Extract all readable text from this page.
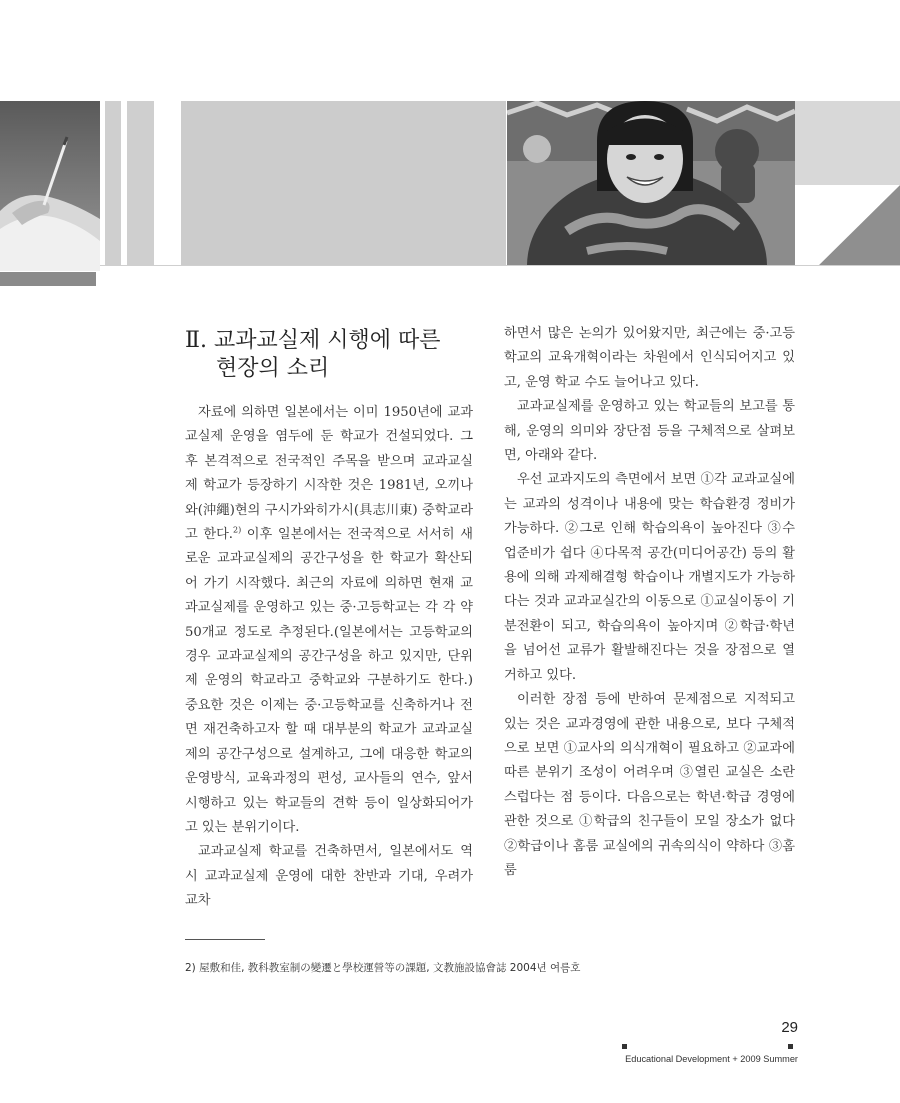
Ⅱ. 교과교실제 시행에 따른
현장의 소리

자료에 의하면 일본에서는 이미 1950년에 교과교실제 운영을 염두에 둔 학교가 건설되었다. 그 후 본격적으로 전국적인 주목을 받으며 교과교실제 학교가 등장하기 시작한 것은 1981년, 오끼나와(沖繩)현의 구시가와히가시(具志川東) 중학교라고 한다.$^{2)}$ 이후 일본에서는 전국적으로 서서히 새로운 교과교실제의 공간구성을 한 학교가 확산되어 가기 시작했다. 최근의 자료에 의하면 현재 교과교실제를 운영하고 있는 중·고등학교는 각 각 약 50개교 정도로 추정된다.(일본에서는 고등학교의 경우 교과교실제의 공간구성을 하고 있지만, 단위제 운영의 학교라고 중학교와 구분하기도 한다.) 중요한 것은 이제는 중·고등학교를 신축하거나 전면 재건축하고자 할 때 대부분의 학교가 교과교실제의 공간구성으로 설계하고, 그에 대응한 학교의 운영방식, 교육과정의 편성, 교사들의 연수, 앞서 시행하고 있는 학교들의 견학 등이 일상화되어가고 있는 분위기이다.

교과교실제 학교를 건축하면서, 일본에서도 역시 교과교실제 운영에 대한 찬반과 기대, 우려가 교차

하면서 많은 논의가 있어왔지만, 최근에는 중·고등학교의 교육개혁이라는 차원에서 인식되어지고 있고, 운영 학교 수도 늘어나고 있다.

교과교실제를 운영하고 있는 학교들의 보고를 통해, 운영의 의미와 장단점 등을 구체적으로 살펴보면, 아래와 같다.

우선 교과지도의 측면에서 보면 ①각 교과교실에는 교과의 성격이나 내용에 맞는 학습환경 정비가 가능하다. ②그로 인해 학습의욕이 높아진다 ③수업준비가 쉽다 ④다목적 공간(미디어공간) 등의 활용에 의해 과제해결형 학습이나 개별지도가 가능하다는 것과 교과교실간의 이동으로 ①교실이동이 기분전환이 되고, 학습의욕이 높아지며 ②학급·학년을 넘어선 교류가 활발해진다는 것을 장점으로 열거하고 있다.

이러한 장점 등에 반하여 문제점으로 지적되고 있는 것은 교과경영에 관한 내용으로, 보다 구체적으로 보면 ①교사의 의식개혁이 필요하고 ②교과에 따른 분위기 조성이 어려우며 ③열린 교실은 소란스럽다는 점 등이다. 다음으로는 학년·학급 경영에 관한 것으로 ①학급의 친구들이 모일 장소가 없다 ②학급이나 홈룸 교실에의 귀속의식이 약하다 ③홈룸

2) 屋敷和佳, 教科教室制の變遷と學校運營等の課題, 文教施設協會誌 2004년 여름호
29
Educational Development + 2009 Summer
